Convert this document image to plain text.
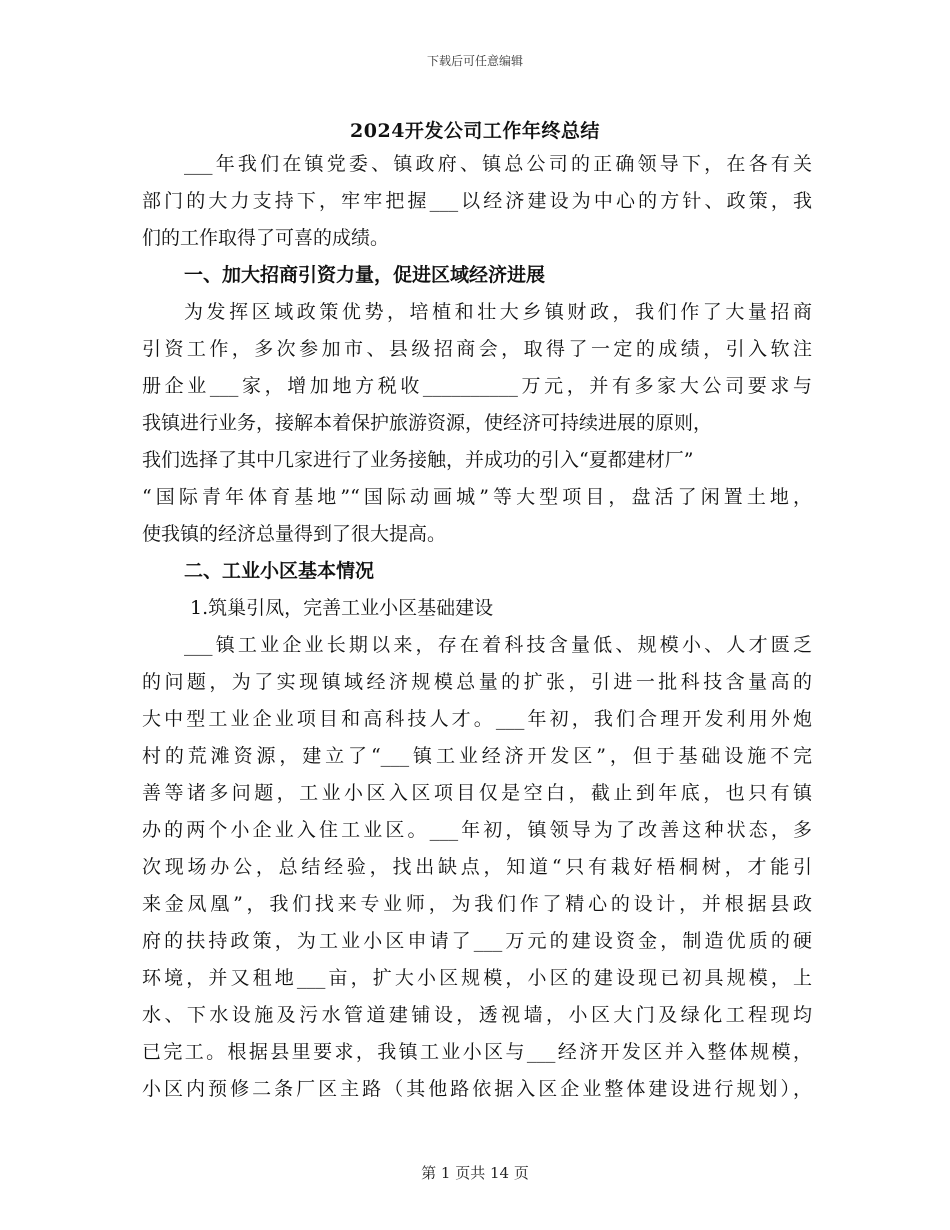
下载后可任意编辑
2024开发公司工作年终总结
___年我们在镇党委、镇政府、镇总公司的正确领导下，在各有关
部门的大力支持下，牢牢把握___以经济建设为中心的方针、政策，我
们的工作取得了可喜的成绩。
一、加大招商引资力量，促进区域经济进展
为发挥区域政策优势，培植和壮大乡镇财政，我们作了大量招商
引资工作，多次参加市、县级招商会，取得了一定的成绩，引入软注
册企业___家，增加地方税收__________万元，并有多家大公司要求与
我镇进行业务，接解本着保护旅游资源，使经济可持续进展的原则，
我们选择了其中几家进行了业务接触，并成功的引入“夏都建材厂”
“国际青年体育基地”“国际动画城”等大型项目，盘活了闲置土地，
使我镇的经济总量得到了很大提高。
二、工业小区基本情况
1.筑巢引凤，完善工业小区基础建设
___镇工业企业长期以来，存在着科技含量低、规模小、人才匮乏
的问题，为了实现镇域经济规模总量的扩张，引进一批科技含量高的
大中型工业企业项目和高科技人才。___年初，我们合理开发利用外炮
村的荒滩资源，建立了“___镇工业经济开发区”，但于基础设施不完
善等诸多问题，工业小区入区项目仅是空白，截止到年底，也只有镇
办的两个小企业入住工业区。___年初，镇领导为了改善这种状态，多
次现场办公，总结经验，找出缺点，知道“只有栽好梧桐树，才能引
来金凤凰”，我们找来专业师，为我们作了精心的设计，并根据县政
府的扶持政策，为工业小区申请了___万元的建设资金，制造优质的硬
环境，并又租地___亩，扩大小区规模，小区的建设现已初具规模，上
水、下水设施及污水管道建铺设，透视墙，小区大门及绿化工程现均
已完工。根据县里要求，我镇工业小区与___经济开发区并入整体规模，
小区内预修二条厂区主路（其他路依据入区企业整体建设进行规划），
第 1 页共 14 页
